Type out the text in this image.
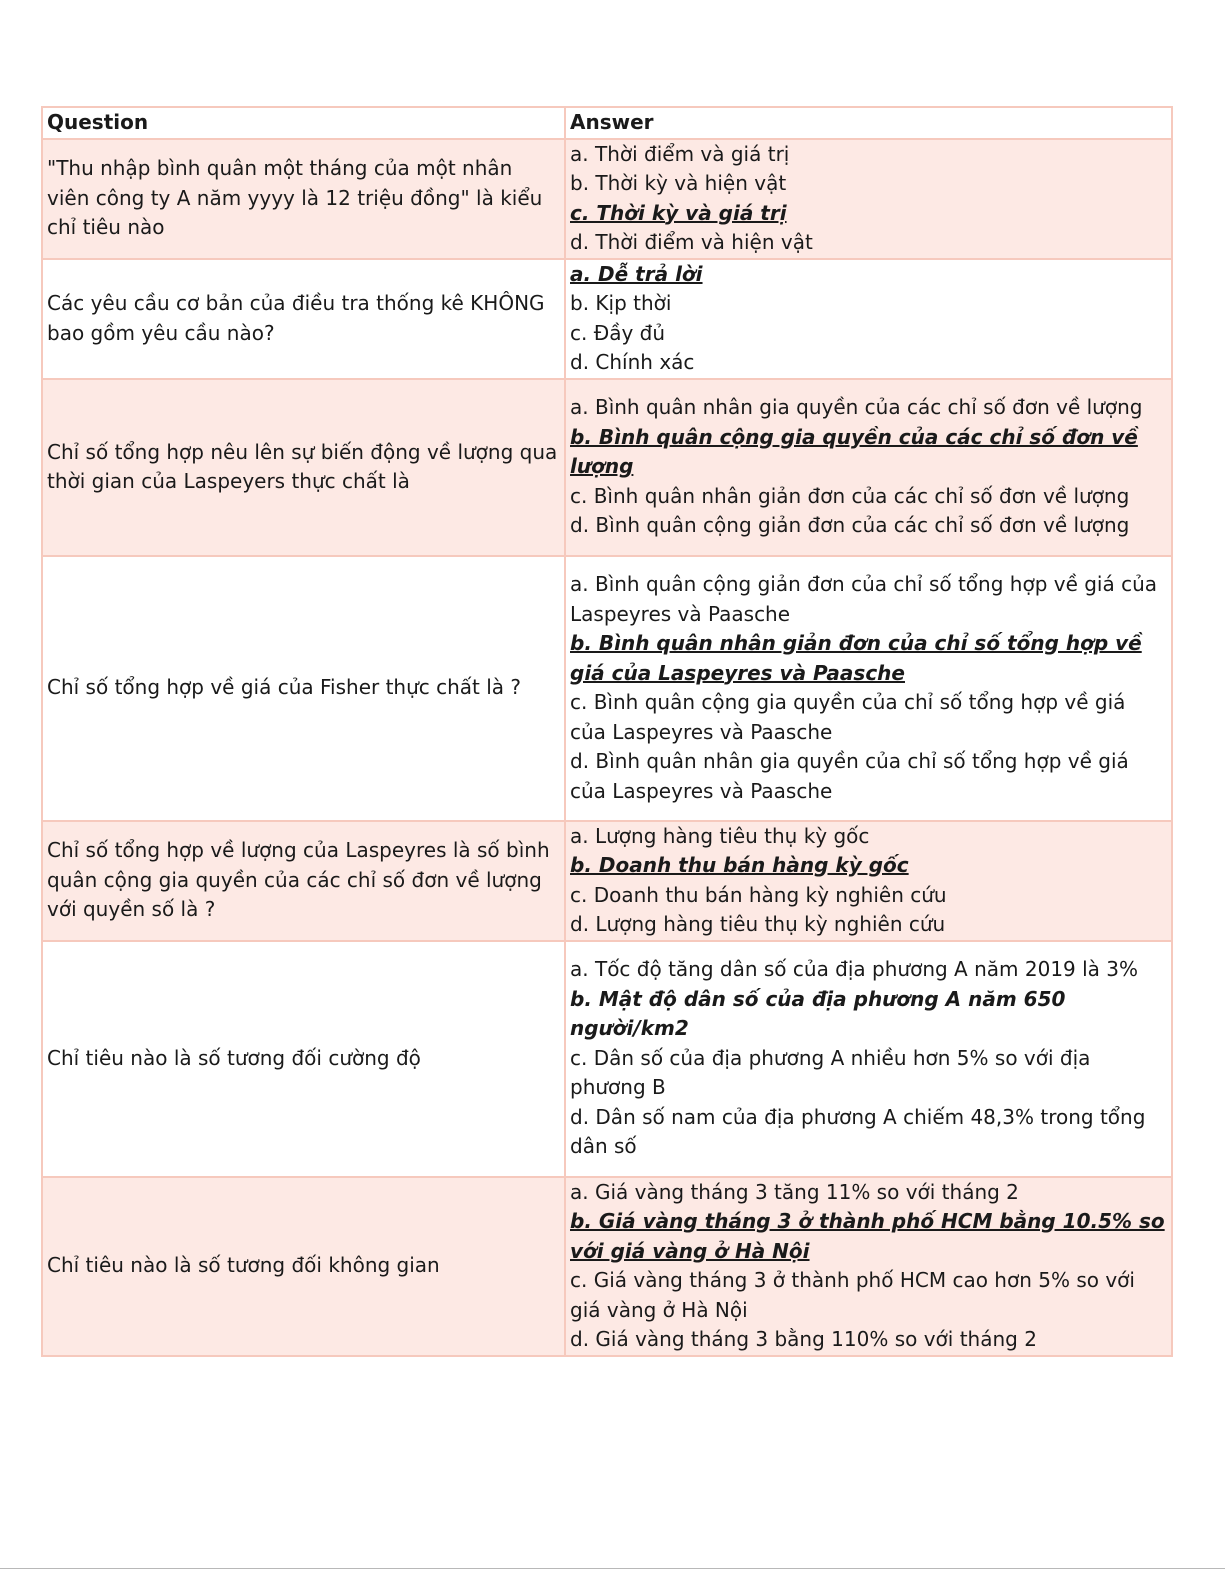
Question	Answer
"Thu nhập bình quân một tháng của một nhân viên công ty A năm yyyy là 12 triệu đồng" là kiểu chỉ tiêu nào	a. Thời điểm và giá trị
b. Thời kỳ và hiện vật
c. Thời kỳ và giá trị
d. Thời điểm và hiện vật

Các yêu cầu cơ bản của điều tra thống kê KHÔNG bao gồm yêu cầu nào?	a. Dễ trả lời
b. Kịp thời
c. Đầy đủ
d. Chính xác

Chỉ số tổng hợp nêu lên sự biến động về lượng qua thời gian của Laspeyers thực chất là	a. Bình quân nhân gia quyền của các chỉ số đơn về lượng
b. Bình quân cộng gia quyền của các chỉ số đơn về lượng
c. Bình quân nhân giản đơn của các chỉ số đơn về lượng
d. Bình quân cộng giản đơn của các chỉ số đơn về lượng

Chỉ số tổng hợp về giá của Fisher thực chất là ?	a. Bình quân cộng giản đơn của chỉ số tổng hợp về giá của Laspeyres và Paasche
b. Bình quân nhân giản đơn của chỉ số tổng hợp về giá của Laspeyres và Paasche
c. Bình quân cộng gia quyền của chỉ số tổng hợp về giá của Laspeyres và Paasche
d. Bình quân nhân gia quyền của chỉ số tổng hợp về giá của Laspeyres và Paasche

Chỉ số tổng hợp về lượng của Laspeyres là số bình quân cộng gia quyền của các chỉ số đơn về lượng với quyền số là ?	a. Lượng hàng tiêu thụ kỳ gốc
b. Doanh thu bán hàng kỳ gốc
c. Doanh thu bán hàng kỳ nghiên cứu
d. Lượng hàng tiêu thụ kỳ nghiên cứu

Chỉ tiêu nào là số tương đối cường độ	a. Tốc độ tăng dân số của địa phương A năm 2019 là 3%
b. Mật độ dân số của địa phương A năm 650 người/km2
c. Dân số của địa phương A nhiều hơn 5% so với địa phương B
d. Dân số nam của địa phương A chiếm 48,3% trong tổng dân số

Chỉ tiêu nào là số tương đối không gian	a. Giá vàng tháng 3 tăng 11% so với tháng 2
b. Giá vàng tháng 3 ở thành phố HCM bằng 10.5% so với giá vàng ở Hà Nội
c. Giá vàng tháng 3 ở thành phố HCM cao hơn 5% so với giá vàng ở Hà Nội
d. Giá vàng tháng 3 bằng 110% so với tháng 2
